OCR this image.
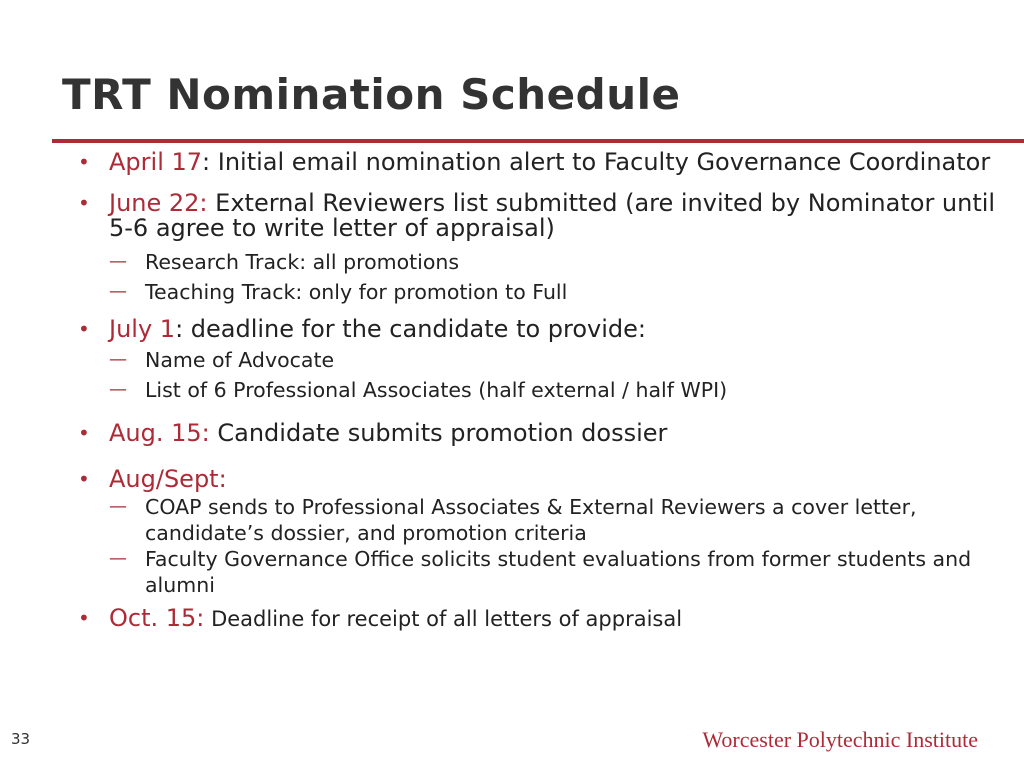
TRT Nomination Schedule
• April 17: Initial email nomination alert to Faculty Governance Coordinator
• June 22: External Reviewers list submitted (are invited by Nominator until 5-6 agree to write letter of appraisal)
— Research Track: all promotions
— Teaching Track: only for promotion to Full
• July 1: deadline for the candidate to provide:
— Name of Advocate
— List of 6 Professional Associates (half external / half WPI)
• Aug. 15: Candidate submits promotion dossier
• Aug/Sept:
— COAP sends to Professional Associates & External Reviewers a cover letter, candidate’s dossier, and promotion criteria
— Faculty Governance Office solicits student evaluations from former students and alumni
• Oct. 15: Deadline for receipt of all letters of appraisal
33	Worcester Polytechnic Institute
